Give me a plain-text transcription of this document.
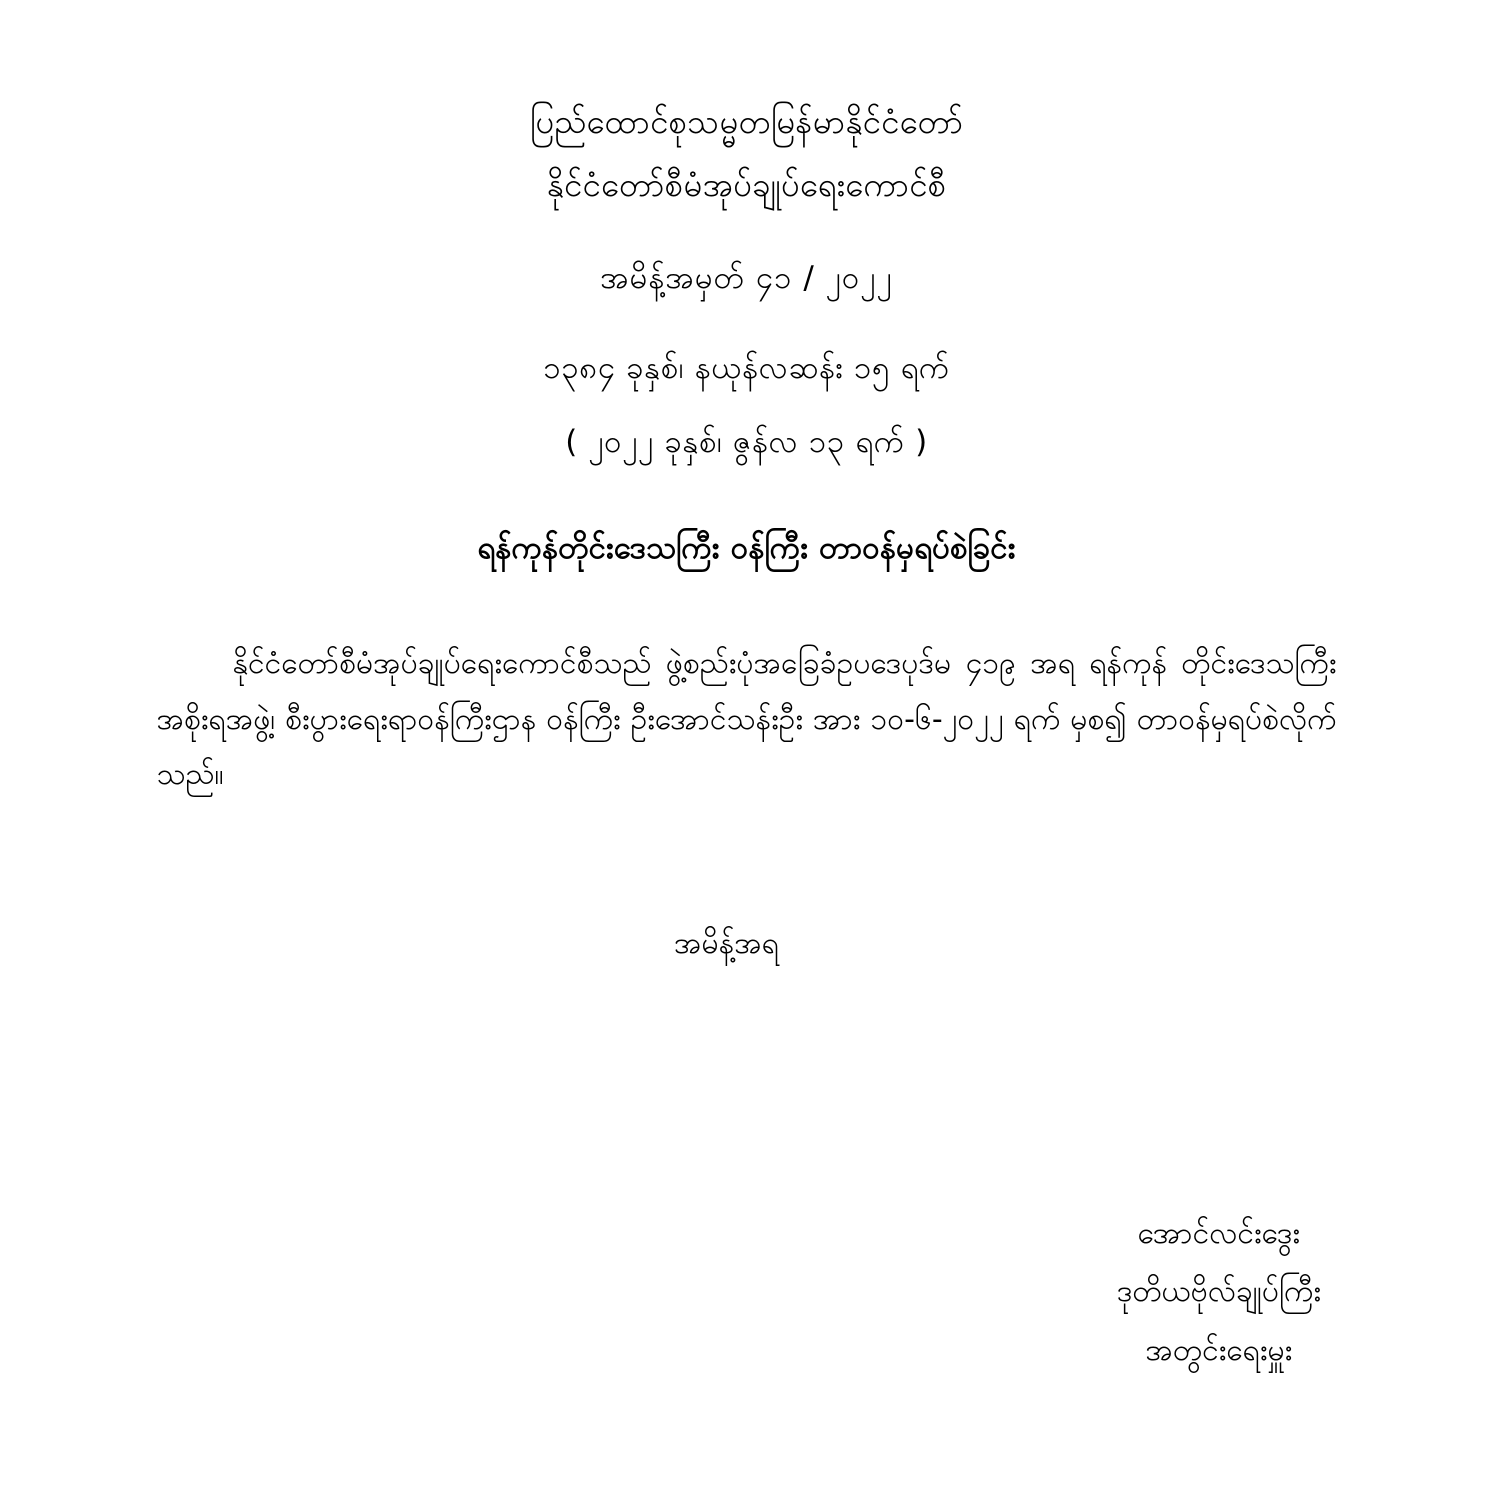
ပြည်ထောင်စုသမ္မတမြန်မာနိုင်ငံတော်
နိုင်ငံတော်စီမံအုပ်ချုပ်ရေးကောင်စီ
အမိန့်အမှတ် ၄၁ / ၂၀၂၂
၁၃၈၄ ခုနှစ်၊ နယုန်လဆန်း ၁၅ ရက်
( ၂၀၂၂ ခုနှစ်၊ ဇွန်လ ၁၃ ရက် )
ရန်ကုန်တိုင်းဒေသကြီး ဝန်ကြီး တာဝန်မှရပ်စဲခြင်း

နိုင်ငံတော်စီမံအုပ်ချုပ်ရေးကောင်စီသည် ဖွဲ့စည်းပုံအခြေခံဥပဒေပုဒ်မ ၄၁၉ အရ ရန်ကုန် တိုင်းဒေသကြီးအစိုးရအဖွဲ့၊ စီးပွားရေးရာဝန်ကြီးဌာန ဝန်ကြီး ဦးအောင်သန်းဦး အား ၁၀-၆-၂၀၂၂ ရက် မှစ၍ တာဝန်မှရပ်စဲလိုက်သည်။

အမိန့်အရ
အောင်လင်းဒွေး
ဒုတိယဗိုလ်ချုပ်ကြီး
အတွင်းရေးမှူး
